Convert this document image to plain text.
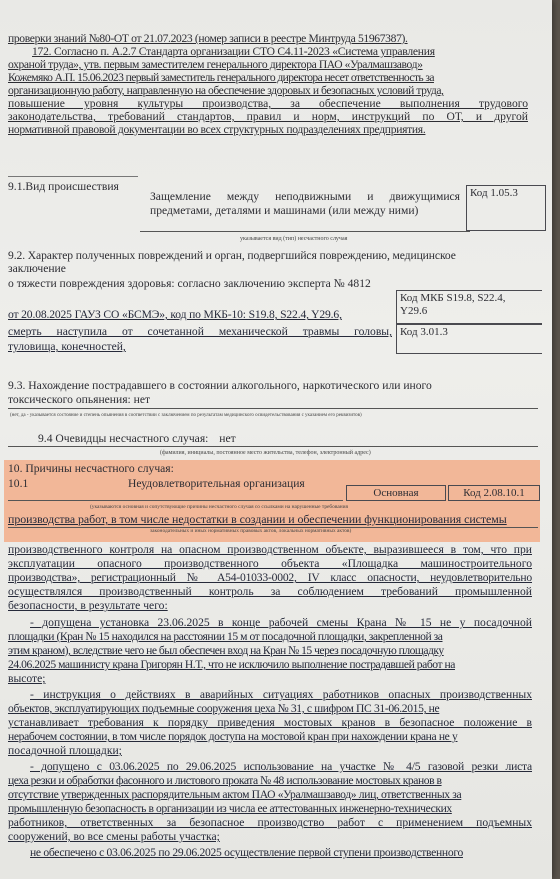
проверки знаний №80-ОТ от 21.07.2023 (номер записи в реестре Минтруда 51967387).
172. Согласно п. А.2.7 Стандарта организации СТО С4.11-2023 «Система управления
охраной труда», утв. первым заместителем генерального директора ПАО «Уралмашзавод»
Кожемяко А.П. 15.06.2023 первый заместитель генерального директора несет ответственность за
организационную работу, направленную на обеспечение здоровых и безопасных условий труда,
повышение уровня культуры производства, за обеспечение выполнения трудового
законодательства, требований стандартов, правил и норм, инструкций по ОТ, и другой
нормативной правовой документации во всех структурных подразделениях предприятия.
9.1.Вид происшествия
Защемление между неподвижными и движущимися
предметами, деталями и машинами (или между ними)
Код 1.05.3
указывается вид (тип) несчастного случая
9.2. Характер полученных повреждений и орган, подвергшийся повреждению, медицинское
заключение
о тяжести повреждения здоровья: согласно заключению эксперта № 4812
от 20.08.2025 ГАУЗ СО «БСМЭ», код по МКБ-10: S19.8, S22.4, Y29.6,
смерть наступила от сочетанной механической травмы головы,
туловища, конечностей,
Код МКБ S19.8, S22.4,
Y29.6
Код 3.01.3
9.3. Нахождение пострадавшего в состоянии алкогольного, наркотического или иного
токсического опьянения: нет
(нет, да - указывается состояние и степень опьянения в соответствии с заключением по результатам медицинского освидетельствования с указанием его реквизитов)
9.4 Очевидцы несчастного случая: нет
(фамилия, инициалы, постоянное место жительства, телефон, электронный адрес)
10. Причины несчастного случая:
10.1	Неудовлетворительная организация
Основная	Код 2.08.10.1
(указываются основная и сопутствующие причины несчастного случая со ссылками на нарушенные требования
производства работ, в том числе недостатки в создании и обеспечении функционирования системы
законодательных и иных нормативных правовых актов, локальных нормативных актов)
производственного контроля на опасном производственном объекте, выразившееся в том, что при
эксплуатации опасного производственного объекта «Площадка машиностроительного
производства», регистрационный № А54-01033-0002, IV класс опасности, неудовлетворительно
осуществлялся производственный контроль за соблюдением требований промышленной
безопасности, в результате чего:
- допущена установка 23.06.2025 в конце рабочей смены Крана № 15 не у посадочной
площадки (Кран № 15 находился на расстоянии 15 м от посадочной площадки, закрепленной за
этим краном), вследствие чего не был обеспечен вход на Кран № 15 через посадочную площадку
24.06.2025 машинисту крана Григорян Н.Т., что не исключило выполнение пострадавшей работ на
высоте;
- инструкция о действиях в аварийных ситуациях работников опасных производственных
объектов, эксплуатирующих подъемные сооружения цеха № 31, с шифром ПС 31-06.2015, не
устанавливает требования к порядку приведения мостовых кранов в безопасное положение в
нерабочем состоянии, в том числе порядок доступа на мостовой кран при нахождении крана не у
посадочной площадки;
- допущено с 03.06.2025 по 29.06.2025 использование на участке № 4/5 газовой резки листа
цеха резки и обработки фасонного и листового проката № 48 использование мостовых кранов в
отсутствие утвержденных распорядительным актом ПАО «Уралмашзавод» лиц, ответственных за
промышленную безопасность в организации из числа ее аттестованных инженерно-технических
работников, ответственных за безопасное производство работ с применением подъемных
сооружений, во все смены работы участка;
не обеспечено с 03.06.2025 по 29.06.2025 осуществление первой ступени производственного
